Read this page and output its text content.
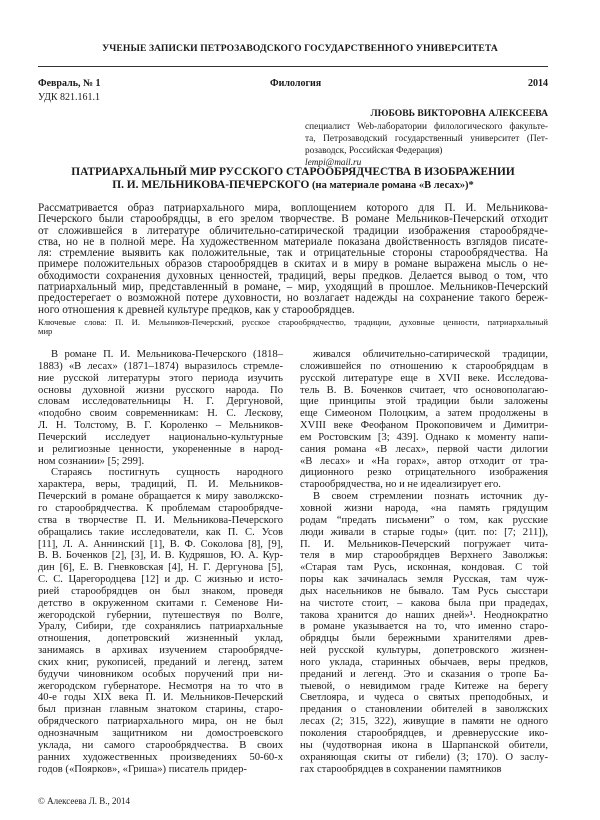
УЧЕНЫЕ ЗАПИСКИ ПЕТРОЗАВОДСКОГО ГОСУДАРСТВЕННОГО УНИВЕРСИТЕТА
Февраль, № 1	Филология	2014
УДК 821.161.1
ЛЮБОВЬ ВИКТОРОВНА АЛЕКСЕЕВА
специалист Web-лаборатории филологического факульте-
та, Петрозаводский государственный университет (Пет-
розаводск, Российская Федерация)
lempi@mail.ru
ПАТРИАРХАЛЬНЫЙ МИР РУССКОГО СТАРООБРЯДЧЕСТВА В ИЗОБРАЖЕНИИ
П. И. МЕЛЬНИКОВА-ПЕЧЕРСКОГО (на материале романа «В лесах»)*
Рассматривается образ патриархального мира, воплощением которого для П. И. Мельникова-
Печерского были старообрядцы, в его зрелом творчестве. В романе Мельников-Печерский отходит
от сложившейся в литературе обличительно-сатирической традиции изображения старообрядче-
ства, но не в полной мере. На художественном материале показана двойственность взглядов писате-
ля: стремление выявить как положительные, так и отрицательные стороны старообрядчества. На
примере положительных образов старообрядцев в скитах и в миру в романе выражена мысль о не-
обходимости сохранения духовных ценностей, традиций, веры предков. Делается вывод о том, что
патриархальный мир, представленный в романе, – мир, уходящий в прошлое. Мельников-Печерский
предостерегает о возможной потере духовности, но возлагает надежды на сохранение такого береж-
ного отношения к древней культуре предков, как у старообрядцев.
Ключевые слова: П. И. Мельников-Печерский, русское старообрядчество, традиции, духовные ценности, патриархальный
мир
В романе П. И. Мельникова-Печерского (1818–
1883) «В лесах» (1871–1874) выразилось стремле-
ние русской литературы этого периода изучить
основы духовной жизни русского народа. По
словам исследовательницы Н. Г. Дергуновой,
«подобно своим современникам: Н. С. Лескову,
Л. Н. Толстому, В. Г. Короленко – Мельников-
Печерский исследует национально-культурные
и религиозные ценности, укорененные в народ-
ном сознании» [5; 299].
Стараясь постигнуть сущность народного
характера, веры, традиций, П. И. Мельников-
Печерский в романе обращается к миру заволжско-
го старообрядчества. К проблемам старообрядче-
ства в творчестве П. И. Мельникова-Печерского
обращались такие исследователи, как П. С. Усов
[11], Л. А. Аннинский [1], В. Ф. Соколова [8], [9],
В. В. Боченков [2], [3], И. В. Кудряшов, Ю. А. Кур-
дин [6], Е. В. Гневковская [4], Н. Г. Дергунова [5],
С. С. Царегородцева [12] и др. С жизнью и исто-
рией старообрядцев он был знаком, проведя
детство в окруженном скитами г. Семенове Ни-
жегородской губернии, путешествуя по Волге,
Уралу, Сибири, где сохранялись патриархальные
отношения, допетровский жизненный уклад,
занимаясь в архивах изучением старообрядче-
ских книг, рукописей, преданий и легенд, затем
будучи чиновником особых поручений при ни-
жегородском губернаторе. Несмотря на то что в
40-е годы XIX века П. И. Мельников-Печерский
был признан главным знатоком старины, старо-
обрядческого патриархального мира, он не был
однозначным защитником ни домостроевского
уклада, ни самого старообрядчества. В своих
ранних художественных произведениях 50-60-х
годов («Поярков», «Гриша») писатель придер-
живался обличительно-сатирической традиции,
сложившейся по отношению к старообрядцам в
русской литературе еще в XVII веке. Исследова-
тель В. В. Боченков считает, что основополагаю-
щие принципы этой традиции были заложены
еще Симеоном Полоцким, а затем продолжены в
XVIII веке Феофаном Прокоповичем и Димитри-
ем Ростовским [3; 439]. Однако к моменту напи-
сания романа «В лесах», первой части дилогии
«В лесах» и «На горах», автор отходит от тра-
диционного резко отрицательного изображения
старообрядчества, но и не идеализирует его.
В своем стремлении познать источник ду-
ховной жизни народа, «на память грядущим
родам “предать письмени” о том, как русские
люди живали в старые годы» (цит. по: [7; 211]),
П. И. Мельников-Печерский погружает чита-
теля в мир старообрядцев Верхнего Заволжья:
«Старая там Русь, исконная, кондовая. С той
поры как зачиналась земля Русская, там чуж-
дых насельников не бывало. Там Русь сысстари
на чистоте стоит, – какова была при прадедах,
такова хранится до наших дней»¹. Неоднократно
в романе указывается на то, что именно старо-
обрядцы были бережными хранителями древ-
ней русской культуры, допетровского жизнен-
ного уклада, старинных обычаев, веры предков,
преданий и легенд. Это и сказания о тропе Ба-
тыевой, о невидимом граде Китеже на берегу
Светлояра, и чудеса о святых преподобных, и
предания о становлении обителей в заволжских
лесах (2; 315, 322), живущие в памяти не одного
поколения старообрядцев, и древнерусские ико-
ны (чудотворная икона в Шарпанской обители,
охраняющая скиты от гибели) (3; 170). О заслу-
гах старообрядцев в сохранении памятников
© Алексеева Л. В., 2014
